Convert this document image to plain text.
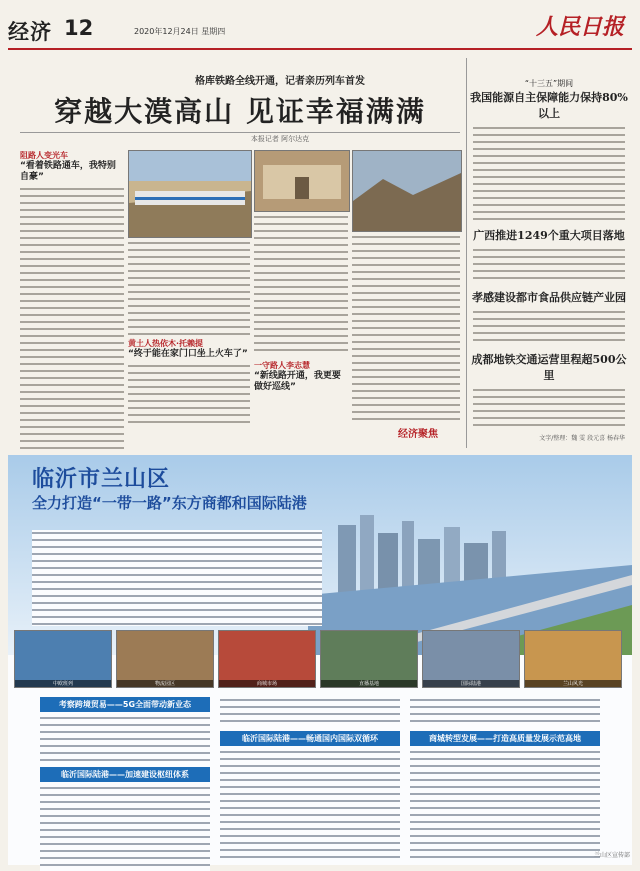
经济 12	2020年12月24日 星期四	人民日报
格库铁路全线开通，记者亲历列车首发
穿越大漠高山 见证幸福满满
本报记者 阿尔达克
阻路人变光车
“看着铁路通车，我特别自豪”
黄土人热依木·托赖提
“终于能在家门口坐上火车了”
一守路人李志慧
“新线路开通，我更要做好巡线”
经济聚焦
“十三五”期间
我国能源自主保障能力保持80%以上
广西推进1249个重大项目落地
孝感建设都市食品供应链产业园
成都地铁交通运营里程超500公里
文字/整理：魏 雯 段元喜 杨春华
临沂市兰山区
全力打造“一带一路”东方商都和国际陆港
中欧班列	物流园区	商城市场	直播基地	国际陆港	兰山风光
考察跨境贸易——5G全面带动新业态
临沂国际陆港——加速建设枢纽体系
临沂国际陆港——畅通国内国际双循环	商城转型发展——打造高质量发展示范高地
兰山区宣传部
